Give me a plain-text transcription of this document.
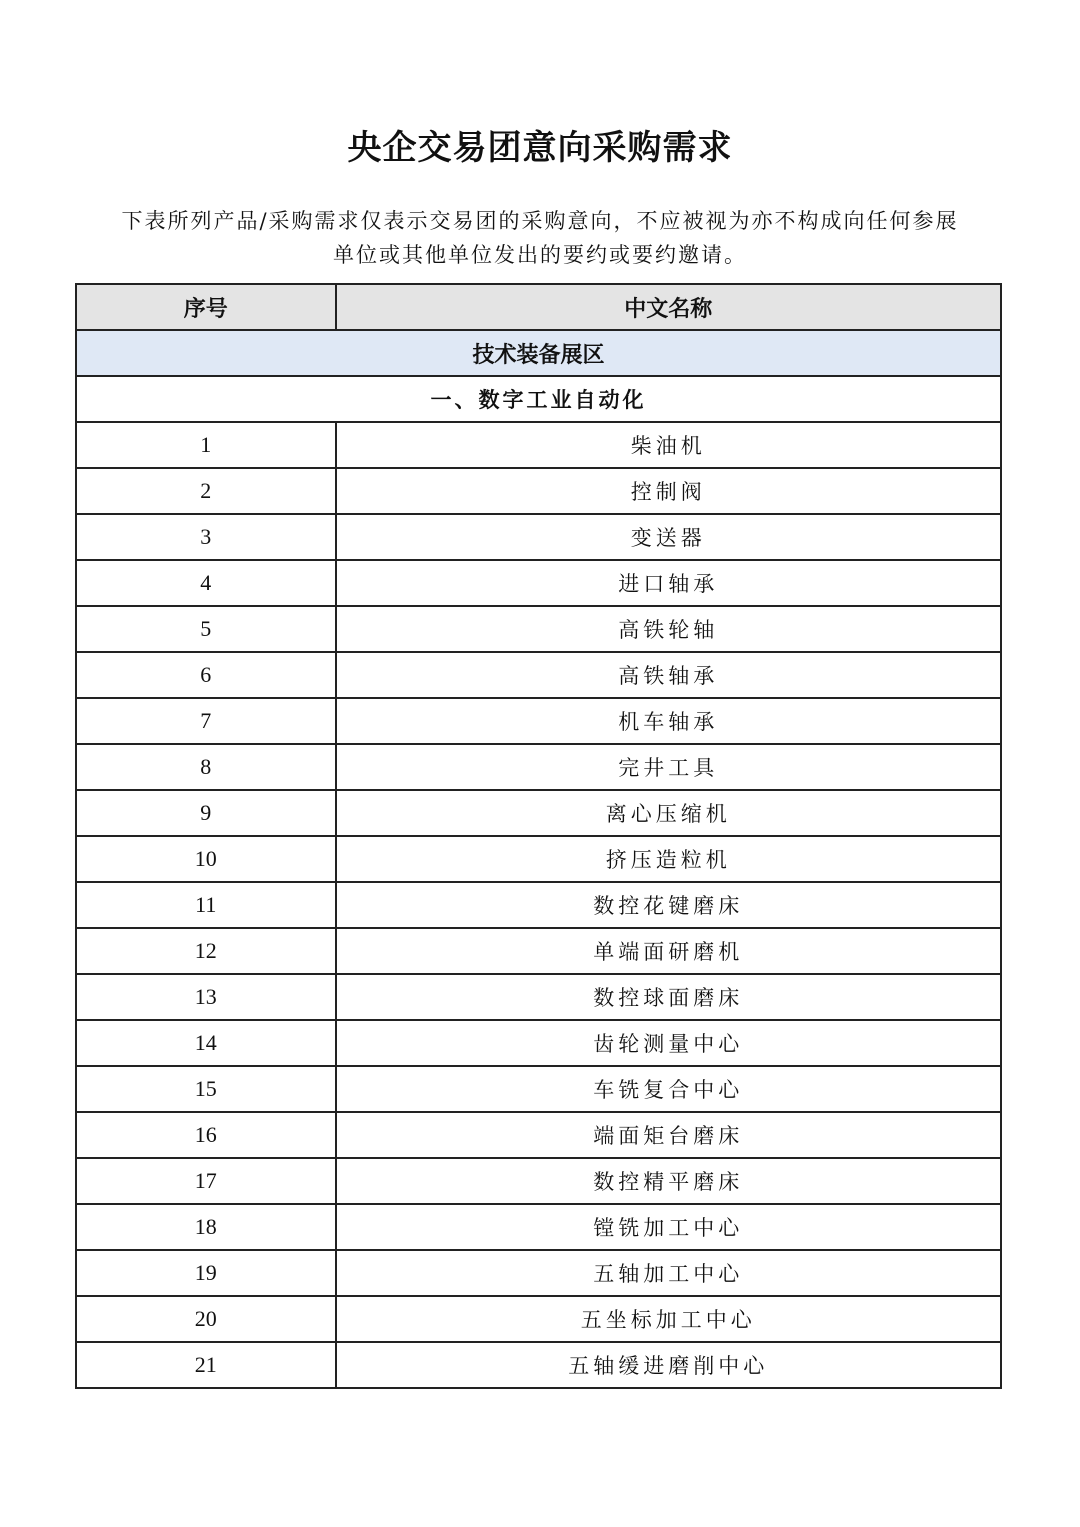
央企交易团意向采购需求
下表所列产品/采购需求仅表示交易团的采购意向，不应被视为亦不构成向任何参展
单位或其他单位发出的要约或要约邀请。
序号	中文名称
技术装备展区	
一、数字工业自动化	
1	柴油机
2	控制阀
3	变送器
4	进口轴承
5	高铁轮轴
6	高铁轴承
7	机车轴承
8	完井工具
9	离心压缩机
10	挤压造粒机
11	数控花键磨床
12	单端面研磨机
13	数控球面磨床
14	齿轮测量中心
15	车铣复合中心
16	端面矩台磨床
17	数控精平磨床
18	镗铣加工中心
19	五轴加工中心
20	五坐标加工中心
21	五轴缓进磨削中心
